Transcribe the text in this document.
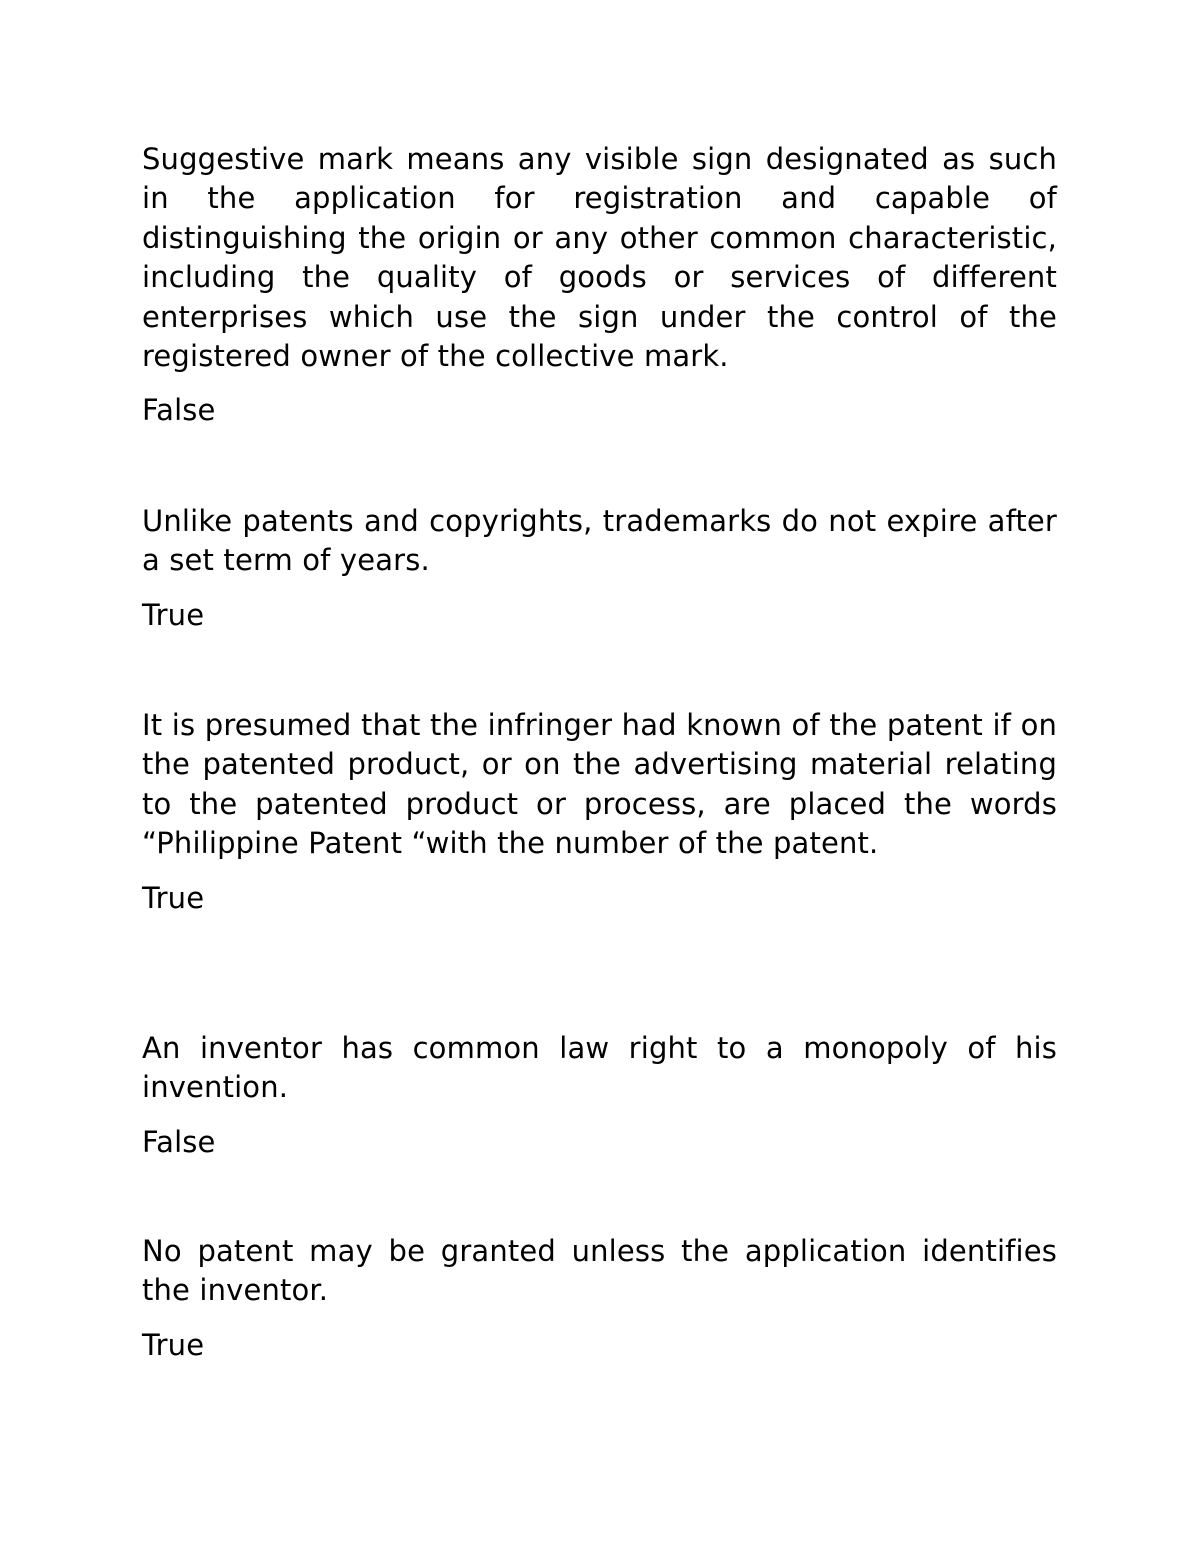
Suggestive mark means any visible sign designated as such in the application for registration and capable of distinguishing the origin or any other common characteristic, including the quality of goods or services of different enterprises which use the sign under the control of the registered owner of the collective mark.

False

Unlike patents and copyrights, trademarks do not expire after a set term of years.

True

It is presumed that the infringer had known of the patent if on the patented product, or on the advertising material relating to the patented product or process, are placed the words “Philippine Patent “with the number of the patent.

True

An inventor has common law right to a monopoly of his invention.

False

No patent may be granted unless the application identifies the inventor.

True
